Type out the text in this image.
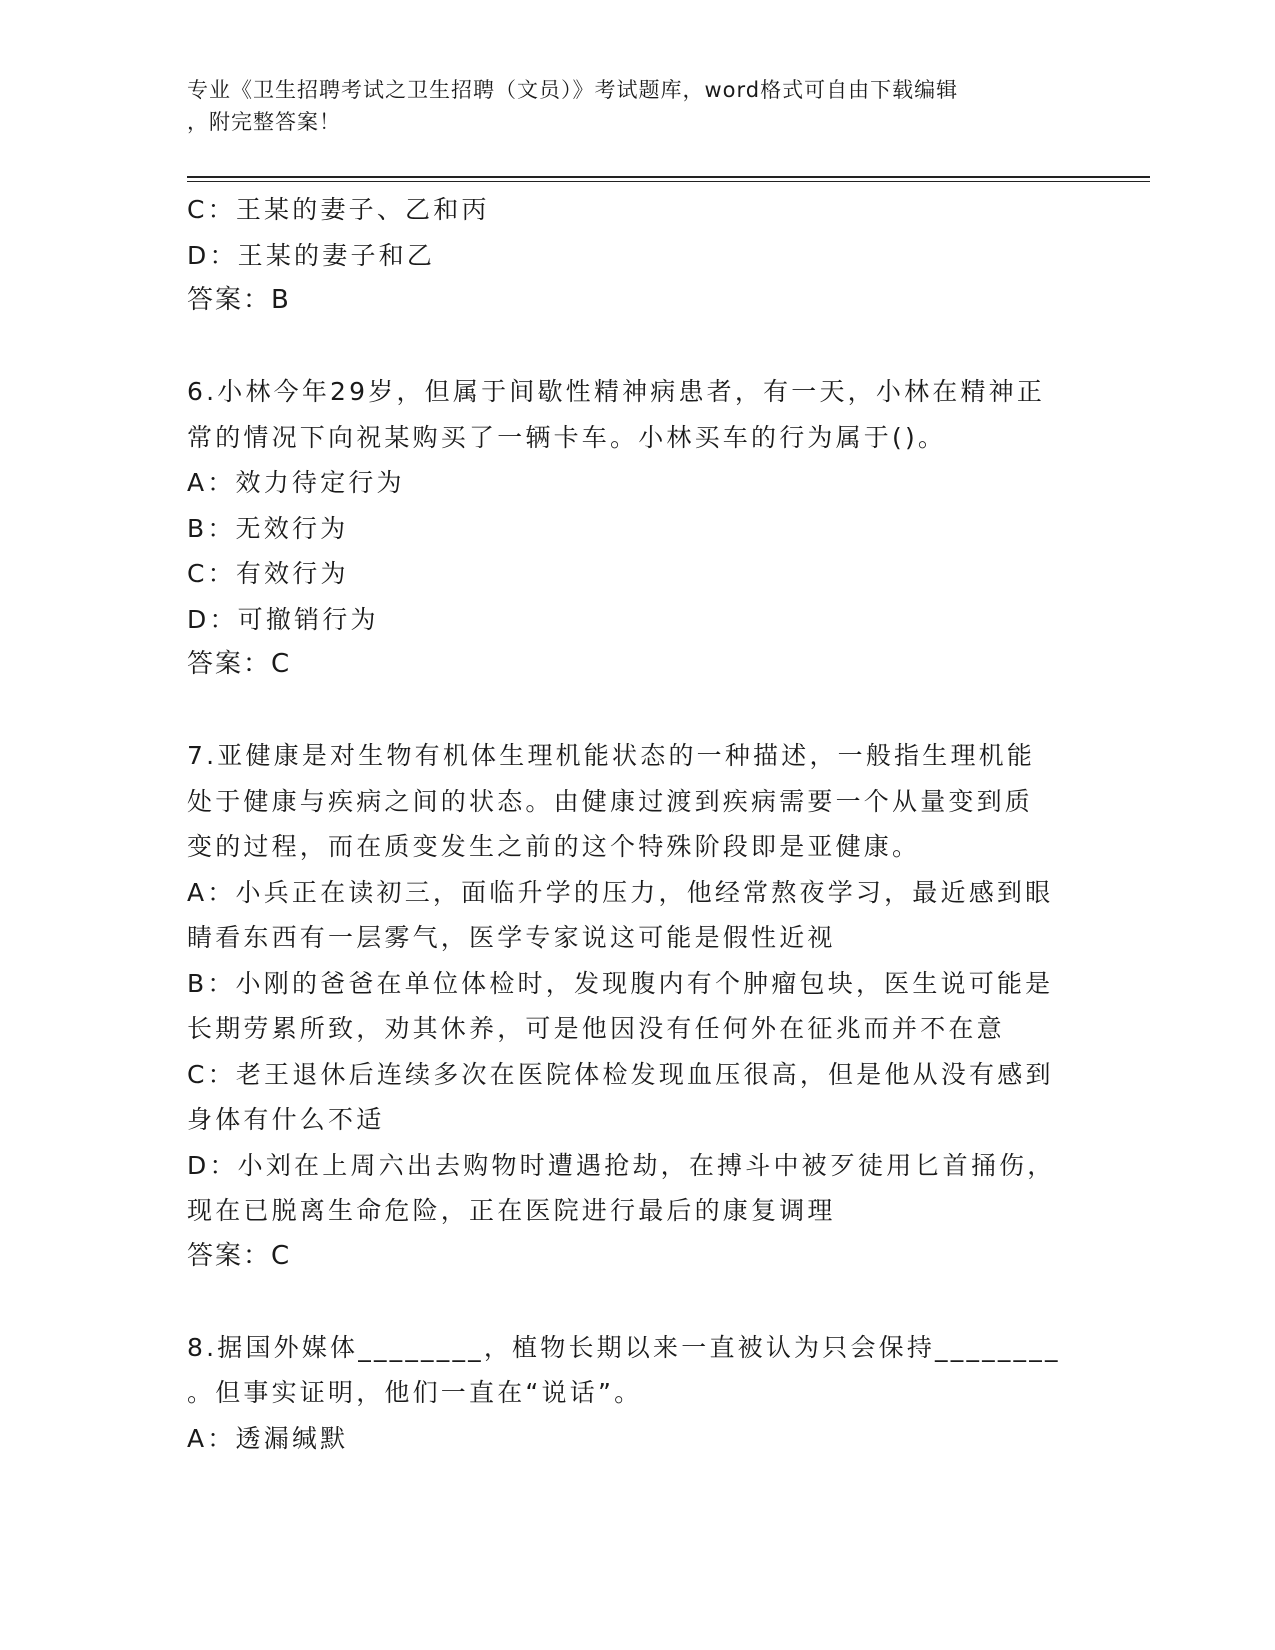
专业《卫生招聘考试之卫生招聘（文员）》考试题库，word格式可自由下载编辑
，附完整答案！
C：王某的妻子、乙和丙
D：王某的妻子和乙
答案：B
6.小林今年29岁，但属于间歇性精神病患者，有一天，小林在精神正
常的情况下向祝某购买了一辆卡车。小林买车的行为属于()。
A：效力待定行为
B：无效行为
C：有效行为
D：可撤销行为
答案：C
7.亚健康是对生物有机体生理机能状态的一种描述，一般指生理机能
处于健康与疾病之间的状态。由健康过渡到疾病需要一个从量变到质
变的过程，而在质变发生之前的这个特殊阶段即是亚健康。
A：小兵正在读初三，面临升学的压力，他经常熬夜学习，最近感到眼
睛看东西有一层雾气，医学专家说这可能是假性近视
B：小刚的爸爸在单位体检时，发现腹内有个肿瘤包块，医生说可能是
长期劳累所致，劝其休养，可是他因没有任何外在征兆而并不在意
C：老王退休后连续多次在医院体检发现血压很高，但是他从没有感到
身体有什么不适
D：小刘在上周六出去购物时遭遇抢劫，在搏斗中被歹徒用匕首捅伤，
现在已脱离生命危险，正在医院进行最后的康复调理
答案：C
8.据国外媒体________，植物长期以来一直被认为只会保持________
。但事实证明，他们一直在“说话”。
A：透漏缄默
